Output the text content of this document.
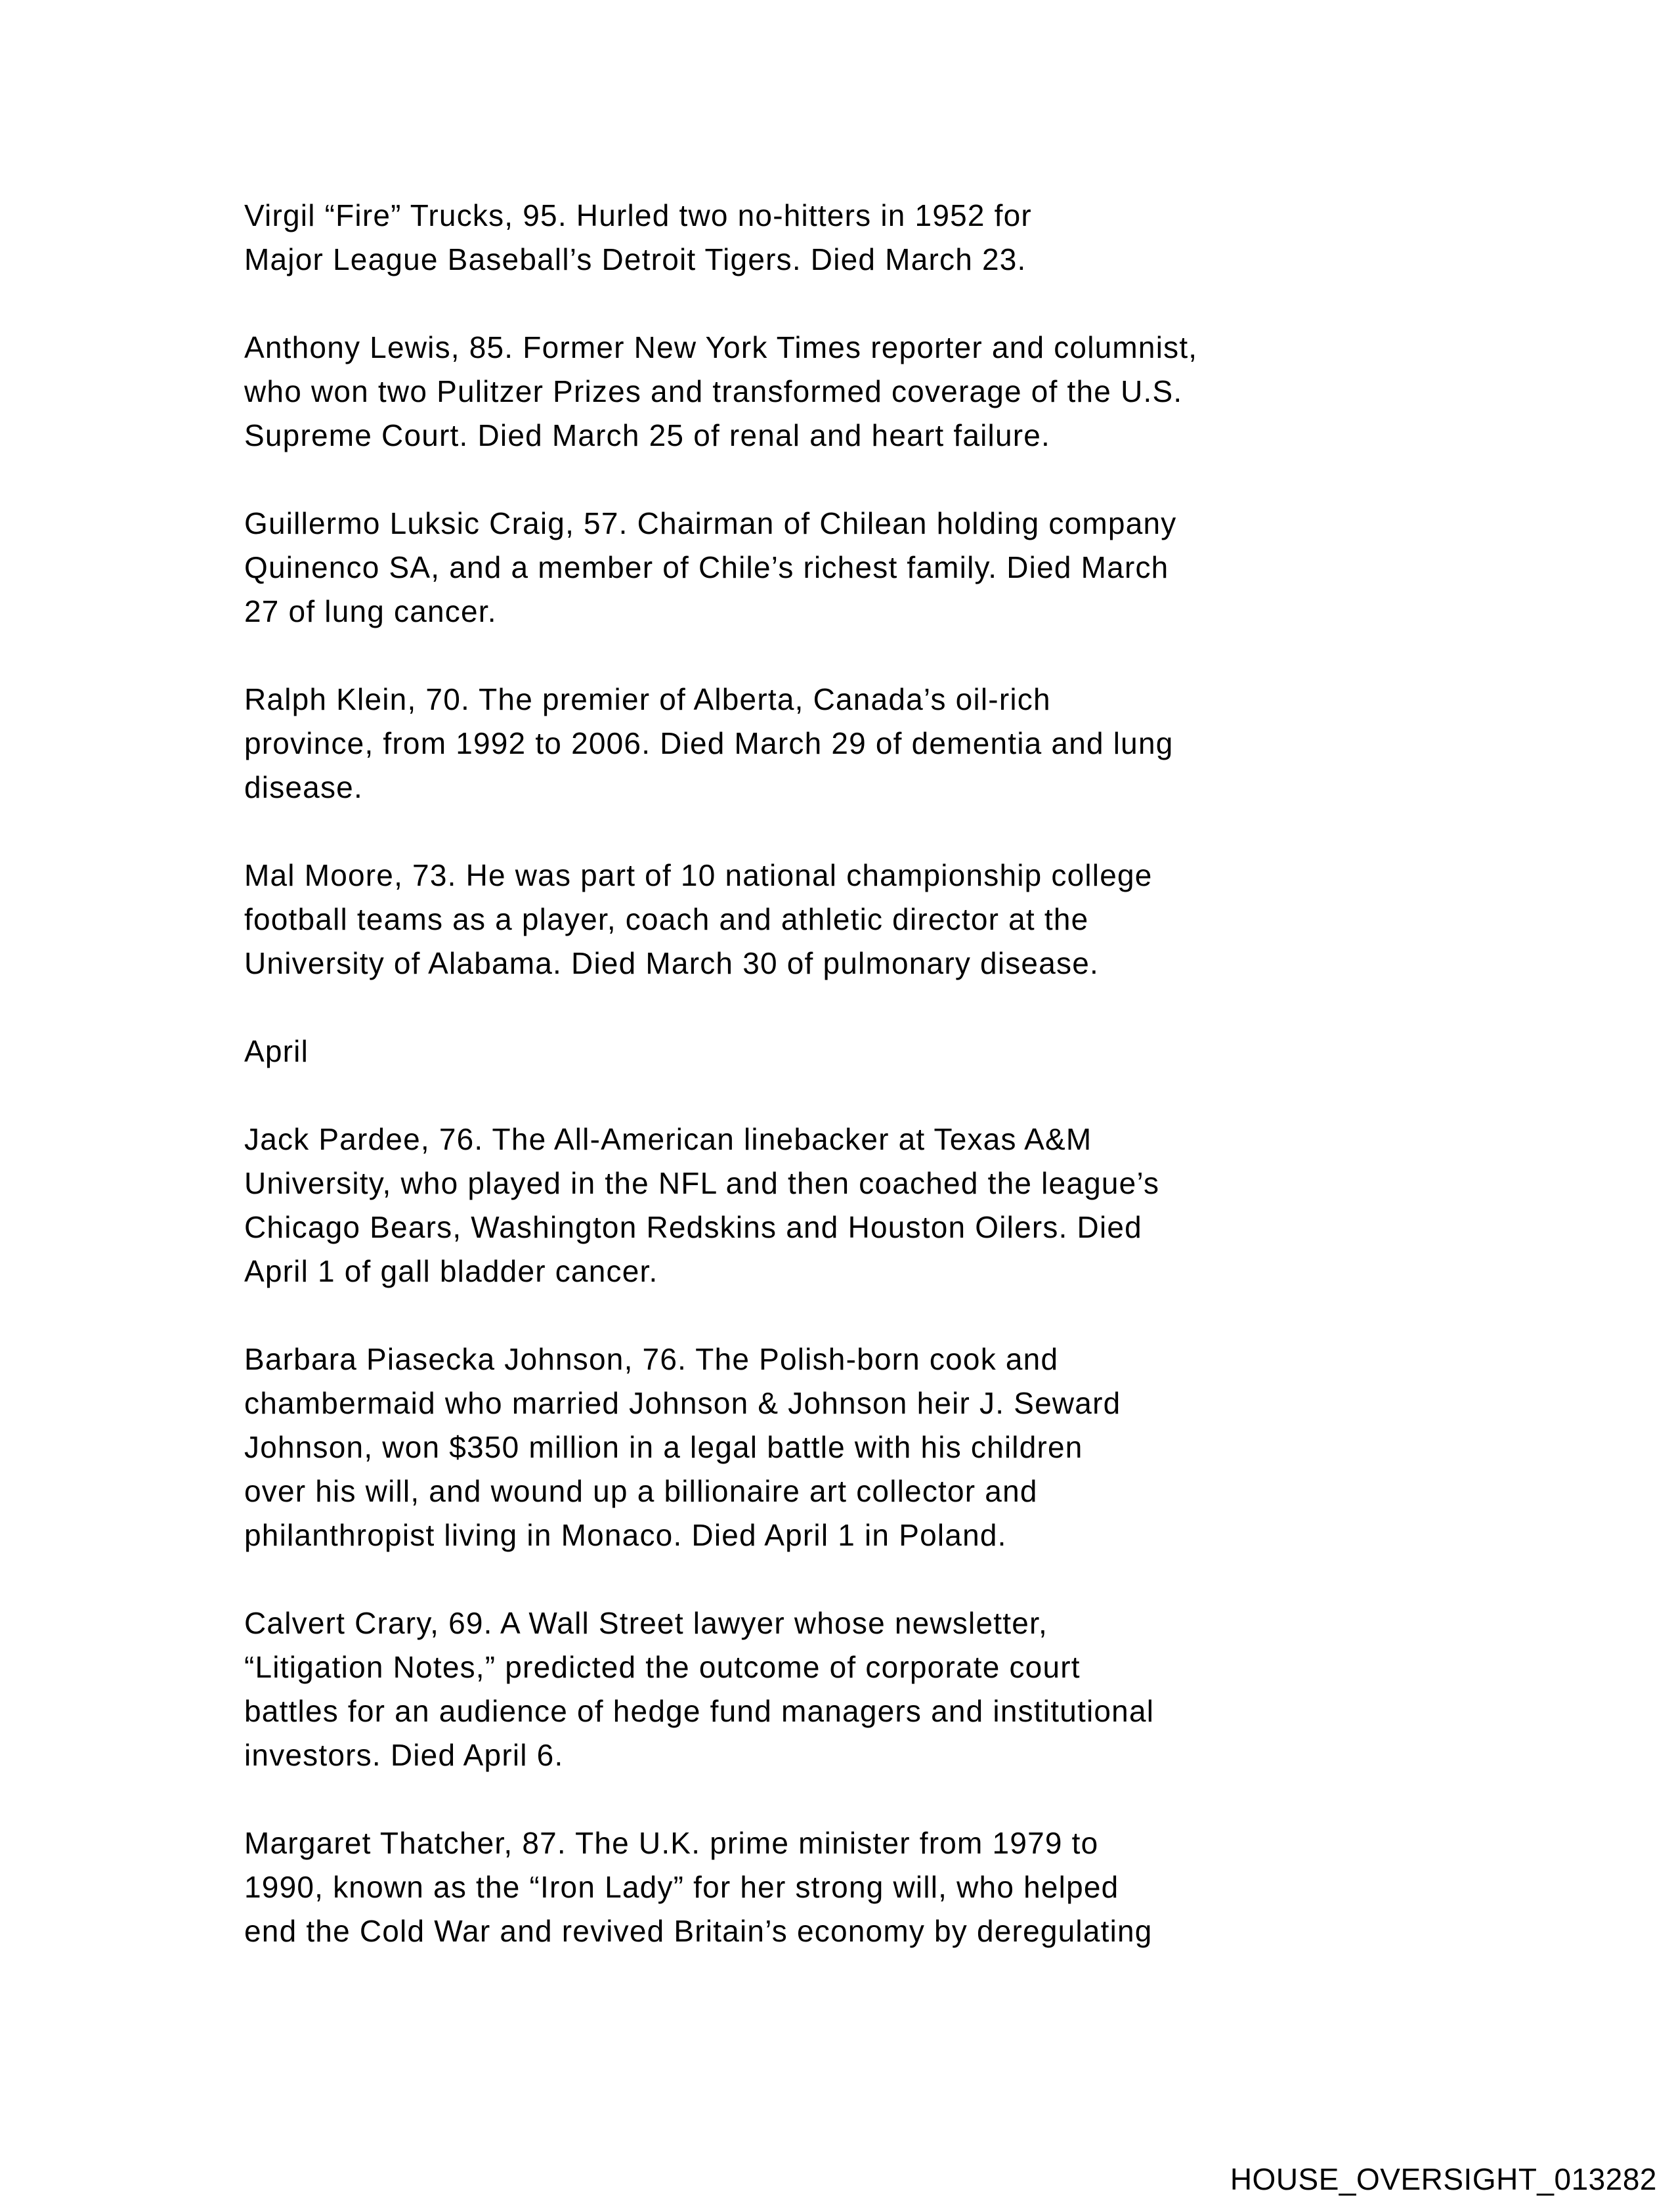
Virgil “Fire” Trucks, 95. Hurled two no-hitters in 1952 for
Major League Baseball’s Detroit Tigers. Died March 23.
Anthony Lewis, 85. Former New York Times reporter and columnist,
who won two Pulitzer Prizes and transformed coverage of the U.S.
Supreme Court. Died March 25 of renal and heart failure.
Guillermo Luksic Craig, 57. Chairman of Chilean holding company
Quinenco SA, and a member of Chile’s richest family. Died March
27 of lung cancer.
Ralph Klein, 70. The premier of Alberta, Canada’s oil-rich
province, from 1992 to 2006. Died March 29 of dementia and lung
disease.
Mal Moore, 73. He was part of 10 national championship college
football teams as a player, coach and athletic director at the
University of Alabama. Died March 30 of pulmonary disease.
April
Jack Pardee, 76. The All-American linebacker at Texas A&M
University, who played in the NFL and then coached the league’s
Chicago Bears, Washington Redskins and Houston Oilers. Died
April 1 of gall bladder cancer.
Barbara Piasecka Johnson, 76. The Polish-born cook and
chambermaid who married Johnson & Johnson heir J. Seward
Johnson, won $350 million in a legal battle with his children
over his will, and wound up a billionaire art collector and
philanthropist living in Monaco. Died April 1 in Poland.
Calvert Crary, 69. A Wall Street lawyer whose newsletter,
“Litigation Notes,” predicted the outcome of corporate court
battles for an audience of hedge fund managers and institutional
investors. Died April 6.
Margaret Thatcher, 87. The U.K. prime minister from 1979 to
1990, known as the “Iron Lady” for her strong will, who helped
end the Cold War and revived Britain’s economy by deregulating
HOUSE_OVERSIGHT_013282
